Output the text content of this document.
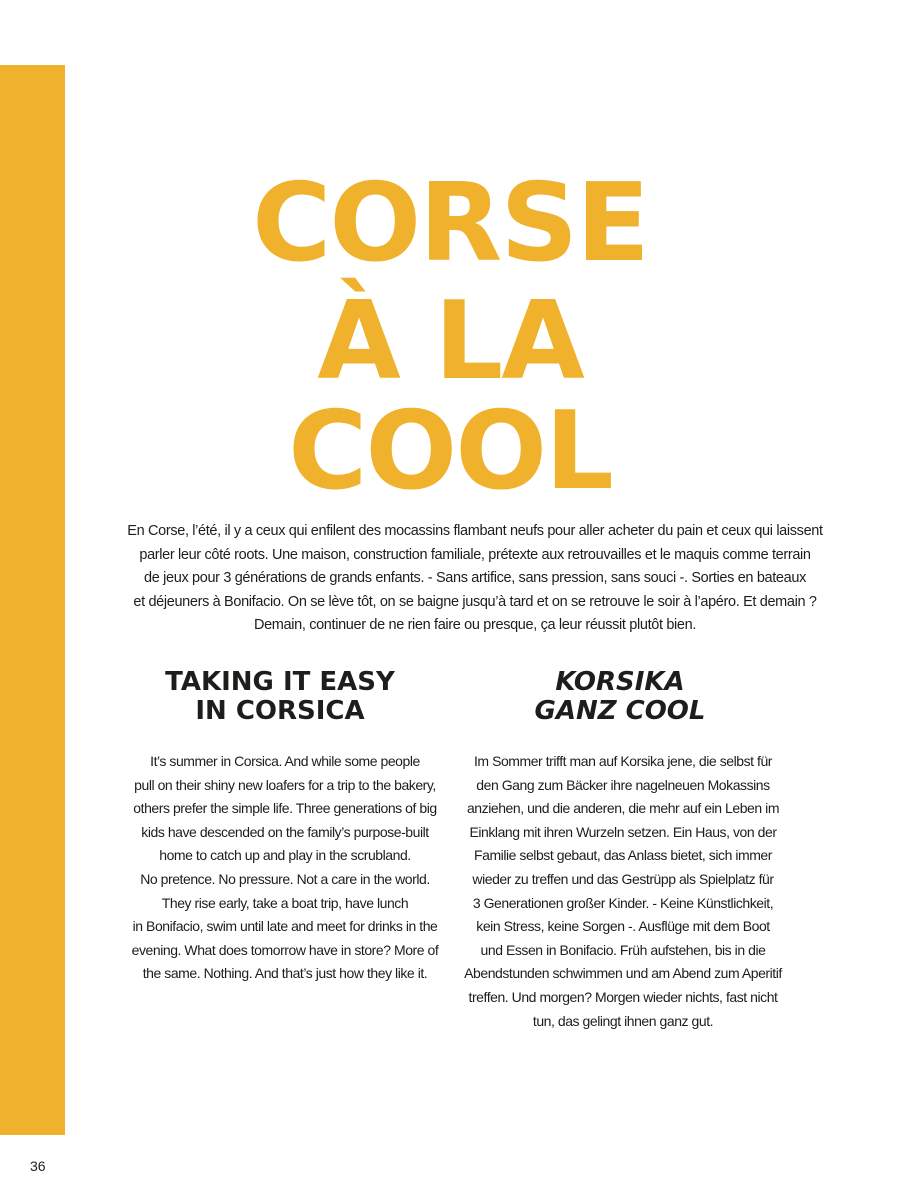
CORSE
À LA
COOL

En Corse, l’été, il y a ceux qui enfilent des mocassins flambant neufs pour aller acheter du pain et ceux qui laissent
parler leur côté roots. Une maison, construction familiale, prétexte aux retrouvailles et le maquis comme terrain
de jeux pour 3 générations de grands enfants. - Sans artifice, sans pression, sans souci -. Sorties en bateaux
et déjeuners à Bonifacio. On se lève tôt, on se baigne jusqu’à tard et on se retrouve le soir à l’apéro. Et demain ?
Demain, continuer de ne rien faire ou presque, ça leur réussit plutôt bien.

TAKING IT EASY
IN CORSICA
KORSIKA
GANZ COOL

It’s summer in Corsica. And while some people
pull on their shiny new loafers for a trip to the bakery,
others prefer the simple life. Three generations of big
kids have descended on the family’s purpose-built
home to catch up and play in the scrubland.
No pretence. No pressure. Not a care in the world.
They rise early, take a boat trip, have lunch
in Bonifacio, swim until late and meet for drinks in the
evening. What does tomorrow have in store? More of
the same. Nothing. And that’s just how they like it.

Im Sommer trifft man auf Korsika jene, die selbst für
den Gang zum Bäcker ihre nagelneuen Mokassins
anziehen, und die anderen, die mehr auf ein Leben im
Einklang mit ihren Wurzeln setzen. Ein Haus, von der
Familie selbst gebaut, das Anlass bietet, sich immer
wieder zu treffen und das Gestrüpp als Spielplatz für
3 Generationen großer Kinder. - Keine Künstlichkeit,
kein Stress, keine Sorgen -. Ausflüge mit dem Boot
und Essen in Bonifacio. Früh aufstehen, bis in die
Abendstunden schwimmen und am Abend zum Aperitif
treffen. Und morgen? Morgen wieder nichts, fast nicht
tun, das gelingt ihnen ganz gut.

36
